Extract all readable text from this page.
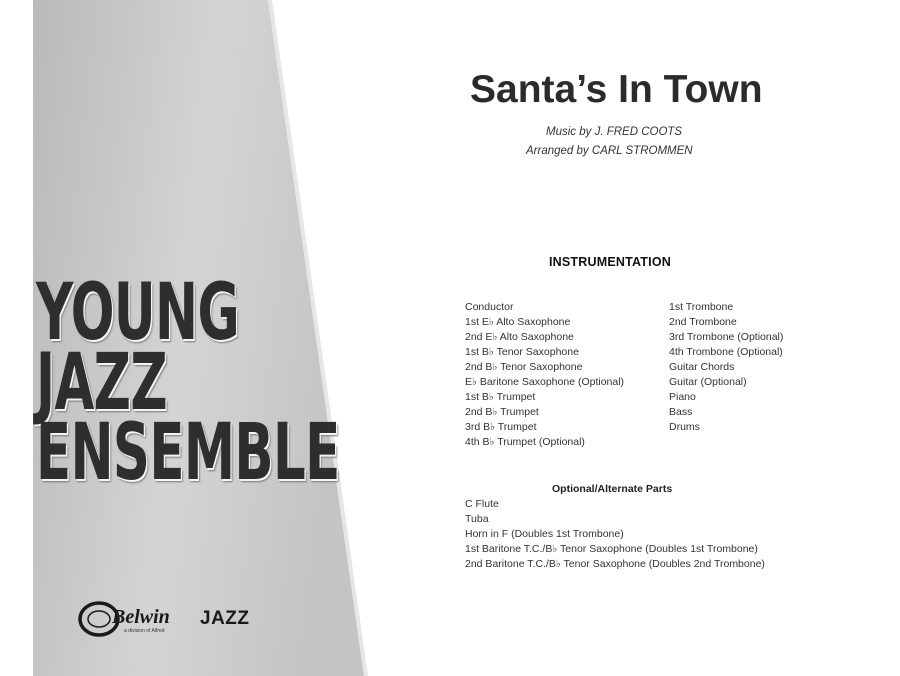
YOUNG
JAZZ
ENSEMBLE
Belwin JAZZ
a division of Alfred
Santa’s In Town
Music by J. FRED COOTS
Arranged by CARL STROMMEN
INSTRUMENTATION
Conductor
1st E♭ Alto Saxophone
2nd E♭ Alto Saxophone
1st B♭ Tenor Saxophone
2nd B♭ Tenor Saxophone
E♭ Baritone Saxophone (Optional)
1st B♭ Trumpet
2nd B♭ Trumpet
3rd B♭ Trumpet
4th B♭ Trumpet (Optional)
1st Trombone
2nd Trombone
3rd Trombone (Optional)
4th Trombone (Optional)
Guitar Chords
Guitar (Optional)
Piano
Bass
Drums
Optional/Alternate Parts
C Flute
Tuba
Horn in F (Doubles 1st Trombone)
1st Baritone T.C./B♭ Tenor Saxophone (Doubles 1st Trombone)
2nd Baritone T.C./B♭ Tenor Saxophone (Doubles 2nd Trombone)
